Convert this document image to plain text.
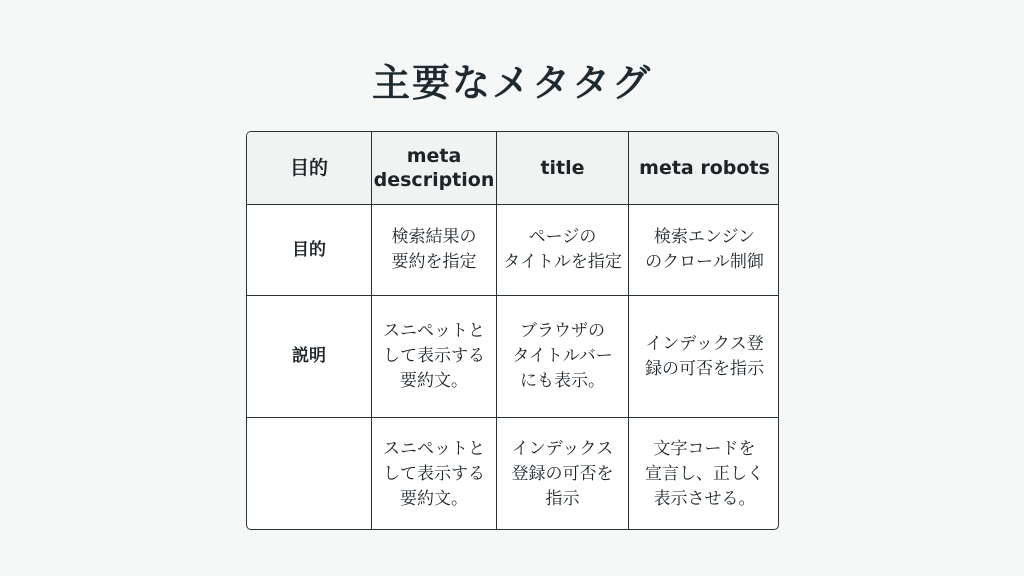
主要なメタタグ
目的
meta
description
title	meta robots
目的
検索結果の
要約を指定
ページの
タイトルを指定
検索エンジン
のクロール制御
説明
スニペットと
して表示する
要約文。
ブラウザの
タイトルバー
にも表示。
インデックス登
録の可否を指示
スニペットと
して表示する
要約文。
インデックス
登録の可否を
指示
文字コードを
宣言し、正しく
表示させる。
